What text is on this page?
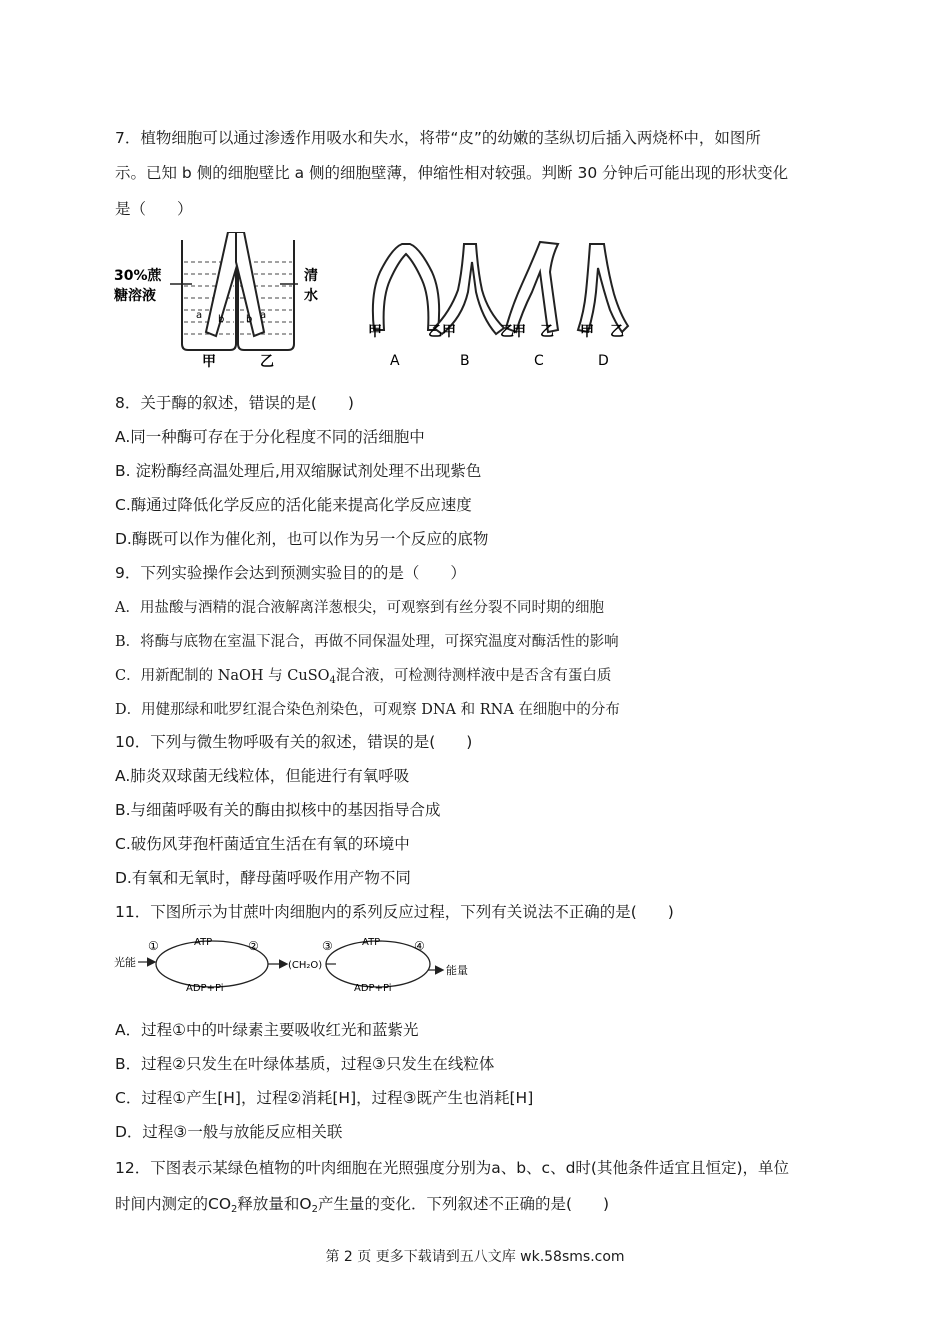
7．植物细胞可以通过渗透作用吸水和失水，将带“皮”的幼嫩的茎纵切后插入两烧杯中，如图所
示。已知 b 侧的细胞壁比 a 侧的细胞壁薄，伸缩性相对较强。判断 30 分钟后可能出现的形状变化
是（　　）
30%蔗
糖溶液
清
水
a b b a
甲	乙
甲	乙 甲	乙
甲 乙 甲 乙
A	B	C	D
8．关于酶的叙述，错误的是(　　)
A.同一种酶可存在于分化程度不同的活细胞中
B. 淀粉酶经高温处理后,用双缩脲试剂处理不出现紫色
C.酶通过降低化学反应的活化能来提高化学反应速度
D.酶既可以作为催化剂，也可以作为另一个反应的底物
9．下列实验操作会达到预测实验目的的是（　　）
A．用盐酸与酒精的混合液解离洋葱根尖，可观察到有丝分裂不同时期的细胞
B．将酶与底物在室温下混合，再做不同保温处理，可探究温度对酶活性的影响
C．用新配制的 NaOH 与 CuSO$_4$混合液，可检测待测样液中是否含有蛋白质
D．用健那绿和吡罗红混合染色剂染色，可观察 DNA 和 RNA 在细胞中的分布
10．下列与微生物呼吸有关的叙述，错误的是(　　)
A.肺炎双球菌无线粒体，但能进行有氧呼吸
B.与细菌呼吸有关的酶由拟核中的基因指导合成
C.破伤风芽孢杆菌适宜生活在有氧的环境中
D.有氧和无氧时，酵母菌呼吸作用产物不同
11．下图所示为甘蔗叶肉细胞内的系列反应过程，下列有关说法不正确的是(　　)
光能
①	②
ATP
ADP+Pi
(CH₂O)
③	④
ATP
ADP+Pi
能量
A．过程①中的叶绿素主要吸收红光和蓝紫光
B．过程②只发生在叶绿体基质，过程③只发生在线粒体
C．过程①产生[H]，过程②消耗[H]，过程③既产生也消耗[H]
D．过程③一般与放能反应相关联
12．下图表示某绿色植物的叶肉细胞在光照强度分别为a、b、c、d时(其他条件适宜且恒定)，单位
时间内测定的$CO_2$释放量和$O_2$产生量的变化．下列叙述不正确的是(　　)
第 2 页 更多下载请到五八文库 wk.58sms.com
